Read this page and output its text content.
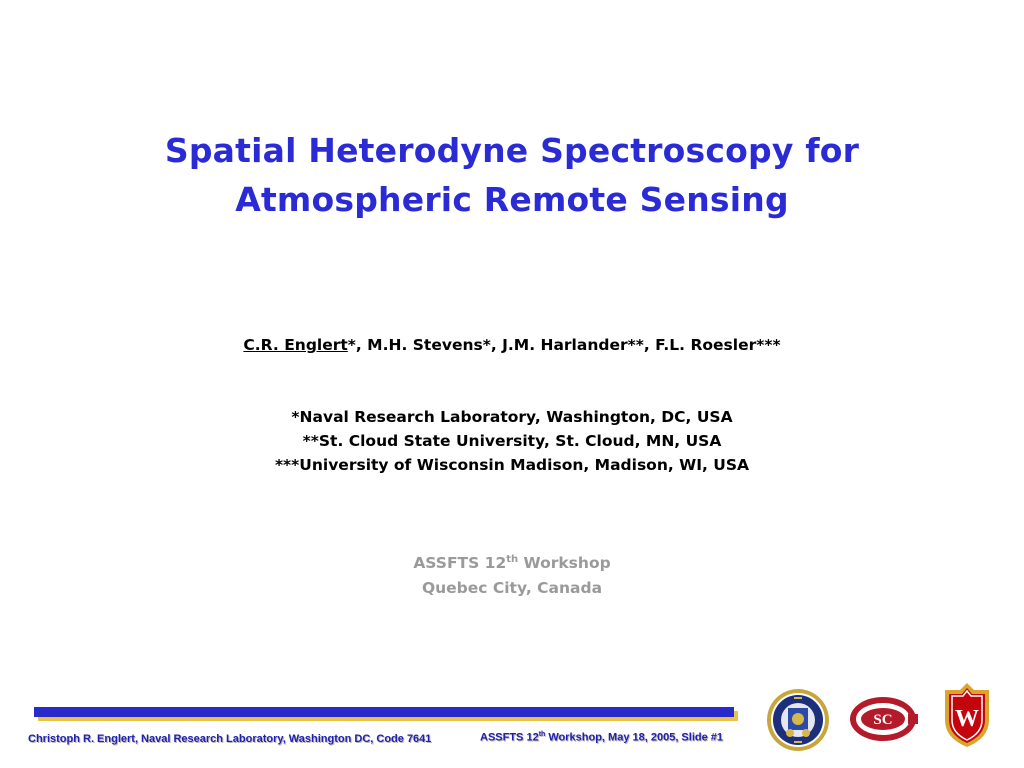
Spatial Heterodyne Spectroscopy for
Atmospheric Remote Sensing
C.R. Englert*, M.H. Stevens*, J.M. Harlander**, F.L. Roesler***
*Naval Research Laboratory, Washington, DC, USA
**St. Cloud State University, St. Cloud, MN, USA
***University of Wisconsin Madison, Madison, WI, USA
ASSFTS 12th Workshop
Quebec City, Canada
Christoph R. Englert, Naval Research Laboratory, Washington DC, Code 7641	ASSFTS 12th Workshop, May 18, 2005, Slide #1
SC	W
